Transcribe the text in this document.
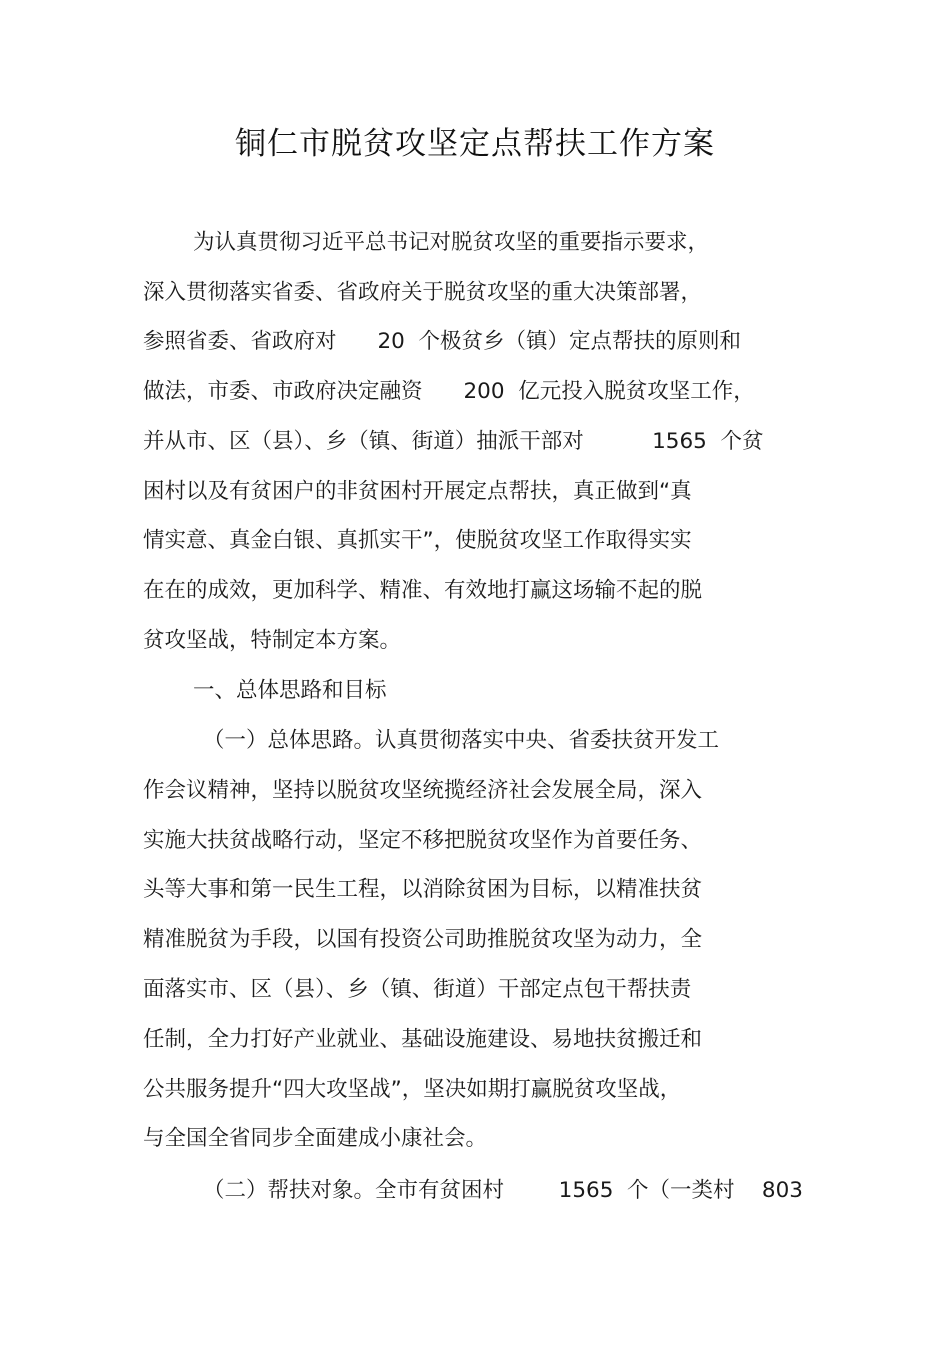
铜仁市脱贫攻坚定点帮扶工作方案
为认真贯彻习近平总书记对脱贫攻坚的重要指示要求，
深入贯彻落实省委、省政府关于脱贫攻坚的重大决策部署，
参照省委、省政府对      20  个极贫乡（镇）定点帮扶的原则和
做法，市委、市政府决定融资      200  亿元投入脱贫攻坚工作，
并从市、区（县）、乡（镇、街道）抽派干部对          1565  个贫
困村以及有贫困户的非贫困村开展定点帮扶，真正做到“真
情实意、真金白银、真抓实干”，使脱贫攻坚工作取得实实
在在的成效，更加科学、精准、有效地打赢这场输不起的脱
贫攻坚战，特制定本方案。
一、总体思路和目标
（一）总体思路。认真贯彻落实中央、省委扶贫开发工
作会议精神，坚持以脱贫攻坚统揽经济社会发展全局，深入
实施大扶贫战略行动，坚定不移把脱贫攻坚作为首要任务、
头等大事和第一民生工程，以消除贫困为目标，以精准扶贫
精准脱贫为手段，以国有投资公司助推脱贫攻坚为动力，全
面落实市、区（县）、乡（镇、街道）干部定点包干帮扶责
任制，全力打好产业就业、基础设施建设、易地扶贫搬迁和
公共服务提升“四大攻坚战”，坚决如期打赢脱贫攻坚战，
与全国全省同步全面建成小康社会。
（二）帮扶对象。全市有贫困村        1565  个（一类村    803
